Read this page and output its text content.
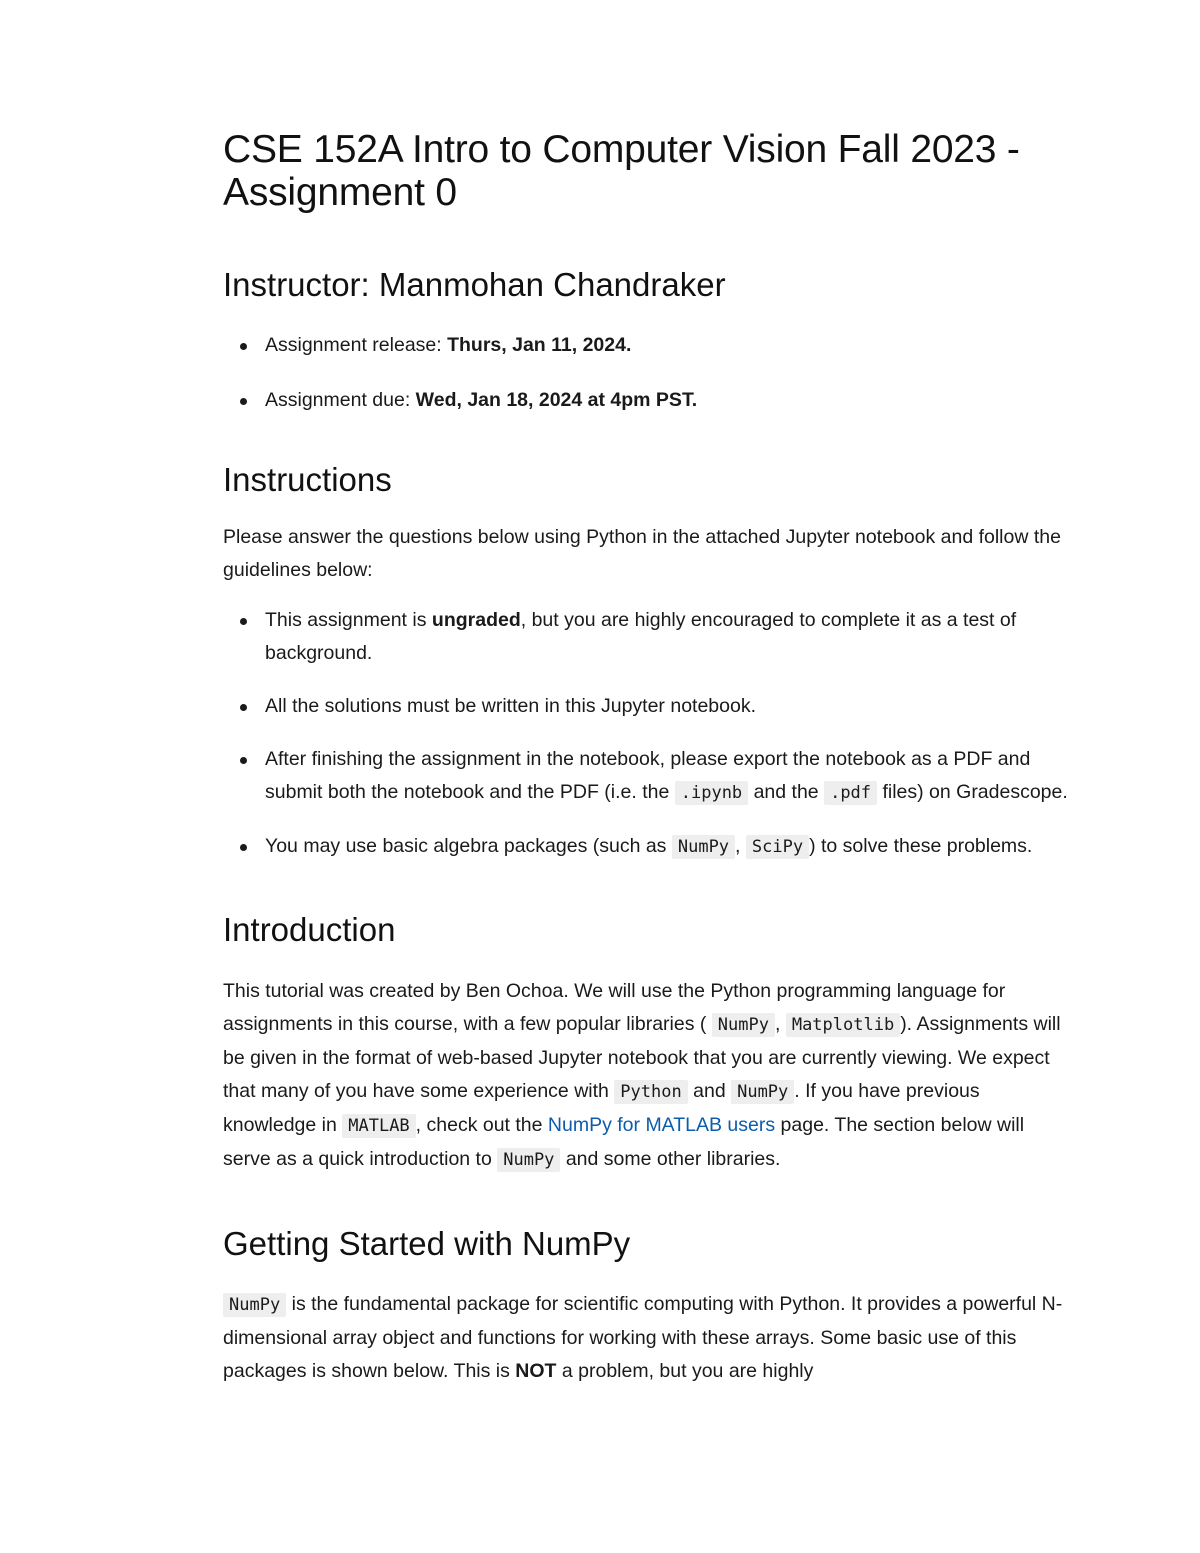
CSE 152A Intro to Computer Vision Fall 2023 - Assignment 0
Instructor: Manmohan Chandraker
Assignment release: Thurs, Jan 11, 2024.
Assignment due: Wed, Jan 18, 2024 at 4pm PST.
Instructions

Please answer the questions below using Python in the attached Jupyter notebook and follow the guidelines below:

This assignment is ungraded, but you are highly encouraged to complete it as a test of background.
All the solutions must be written in this Jupyter notebook.
After finishing the assignment in the notebook, please export the notebook as a PDF and submit both the notebook and the PDF (i.e. the .ipynb and the .pdf files) on Gradescope.
You may use basic algebra packages (such as NumPy , SciPy ) to solve these problems.
Introduction

This tutorial was created by Ben Ochoa. We will use the Python programming language for assignments in this course, with a few popular libraries ( NumPy , Matplotlib ). Assignments will be given in the format of web-based Jupyter notebook that you are currently viewing. We expect that many of you have some experience with Python and NumPy . If you have previous knowledge in MATLAB , check out the NumPy for MATLAB users page. The section below will serve as a quick introduction to NumPy and some other libraries.

Getting Started with NumPy

NumPy is the fundamental package for scientific computing with Python. It provides a powerful N-dimensional array object and functions for working with these arrays. Some basic use of this packages is shown below. This is NOT a problem, but you are highly
